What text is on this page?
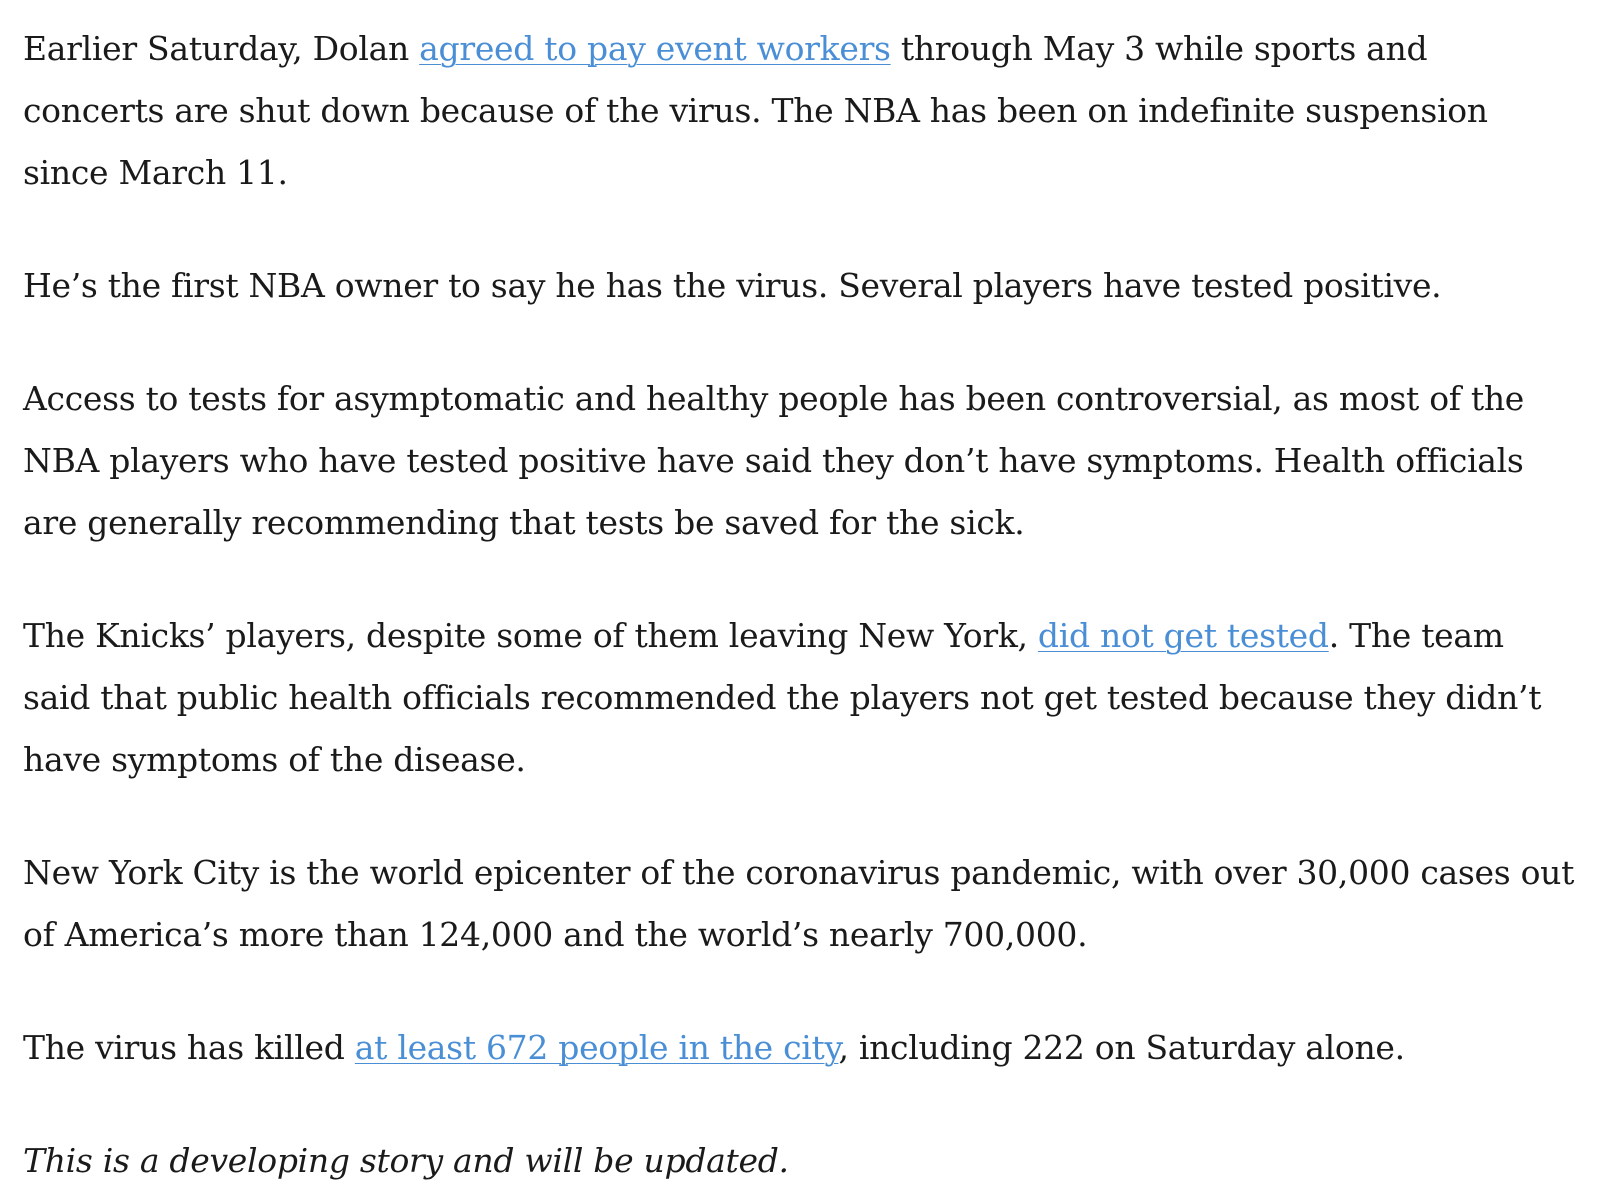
Earlier Saturday, Dolan agreed to pay event workers through May 3 while sports and concerts are shut down because of the virus. The NBA has been on indefinite suspension since March 11.

He’s the first NBA owner to say he has the virus. Several players have tested positive.

Access to tests for asymptomatic and healthy people has been controversial, as most of the NBA players who have tested positive have said they don’t have symptoms. Health officials are generally recommending that tests be saved for the sick.

The Knicks’ players, despite some of them leaving New York, did not get tested. The team said that public health officials recommended the players not get tested because they didn’t have symptoms of the disease.

New York City is the world epicenter of the coronavirus pandemic, with over 30,000 cases out of America’s more than 124,000 and the world’s nearly 700,000.

The virus has killed at least 672 people in the city, including 222 on Saturday alone.

This is a developing story and will be updated.
